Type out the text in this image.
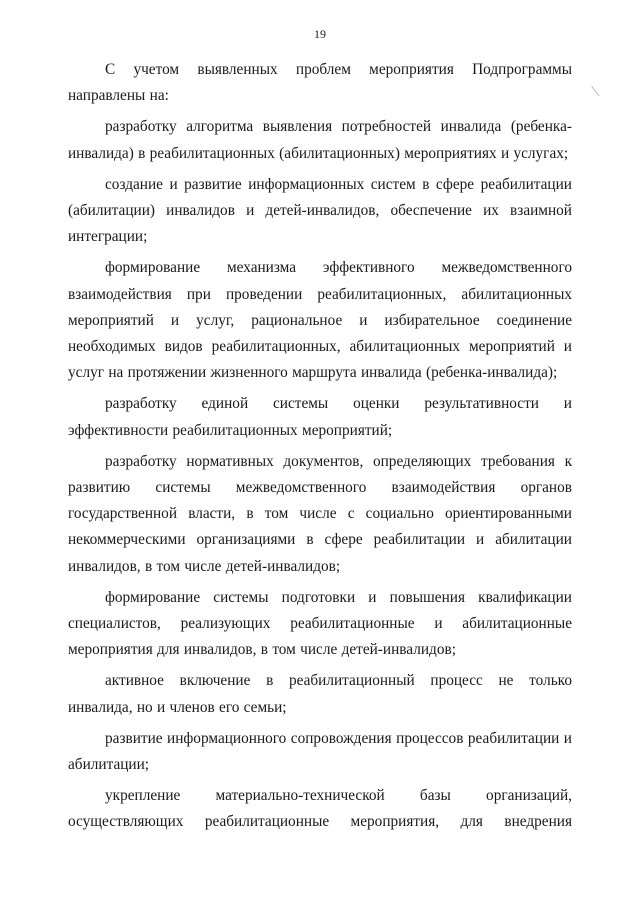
19

С учетом выявленных проблем мероприятия Подпрограммы направлены на:

разработку алгоритма выявления потребностей инвалида (ребенка-инвалида) в реабилитационных (абилитационных) мероприятиях и услугах;

создание и развитие информационных систем в сфере реабилитации (абилитации) инвалидов и детей-инвалидов, обеспечение их взаимной интеграции;

формирование механизма эффективного межведомственного взаимодействия при проведении реабилитационных, абилитационных мероприятий и услуг, рациональное и избирательное соединение необходимых видов реабилитационных, абилитационных мероприятий и услуг на протяжении жизненного маршрута инвалида (ребенка-инвалида);

разработку единой системы оценки результативности и эффективности реабилитационных мероприятий;

разработку нормативных документов, определяющих требования к развитию системы межведомственного взаимодействия органов государственной власти, в том числе с социально ориентированными некоммерческими организациями в сфере реабилитации и абилитации инвалидов, в том числе детей-инвалидов;

формирование системы подготовки и повышения квалификации специалистов, реализующих реабилитационные и абилитационные мероприятия для инвалидов, в том числе детей-инвалидов;

активное включение в реабилитационный процесс не только инвалида, но и членов его семьи;

развитие информационного сопровождения процессов реабилитации и абилитации;

укрепление материально-технической базы организаций, осуществляющих реабилитационные мероприятия, для внедрения
